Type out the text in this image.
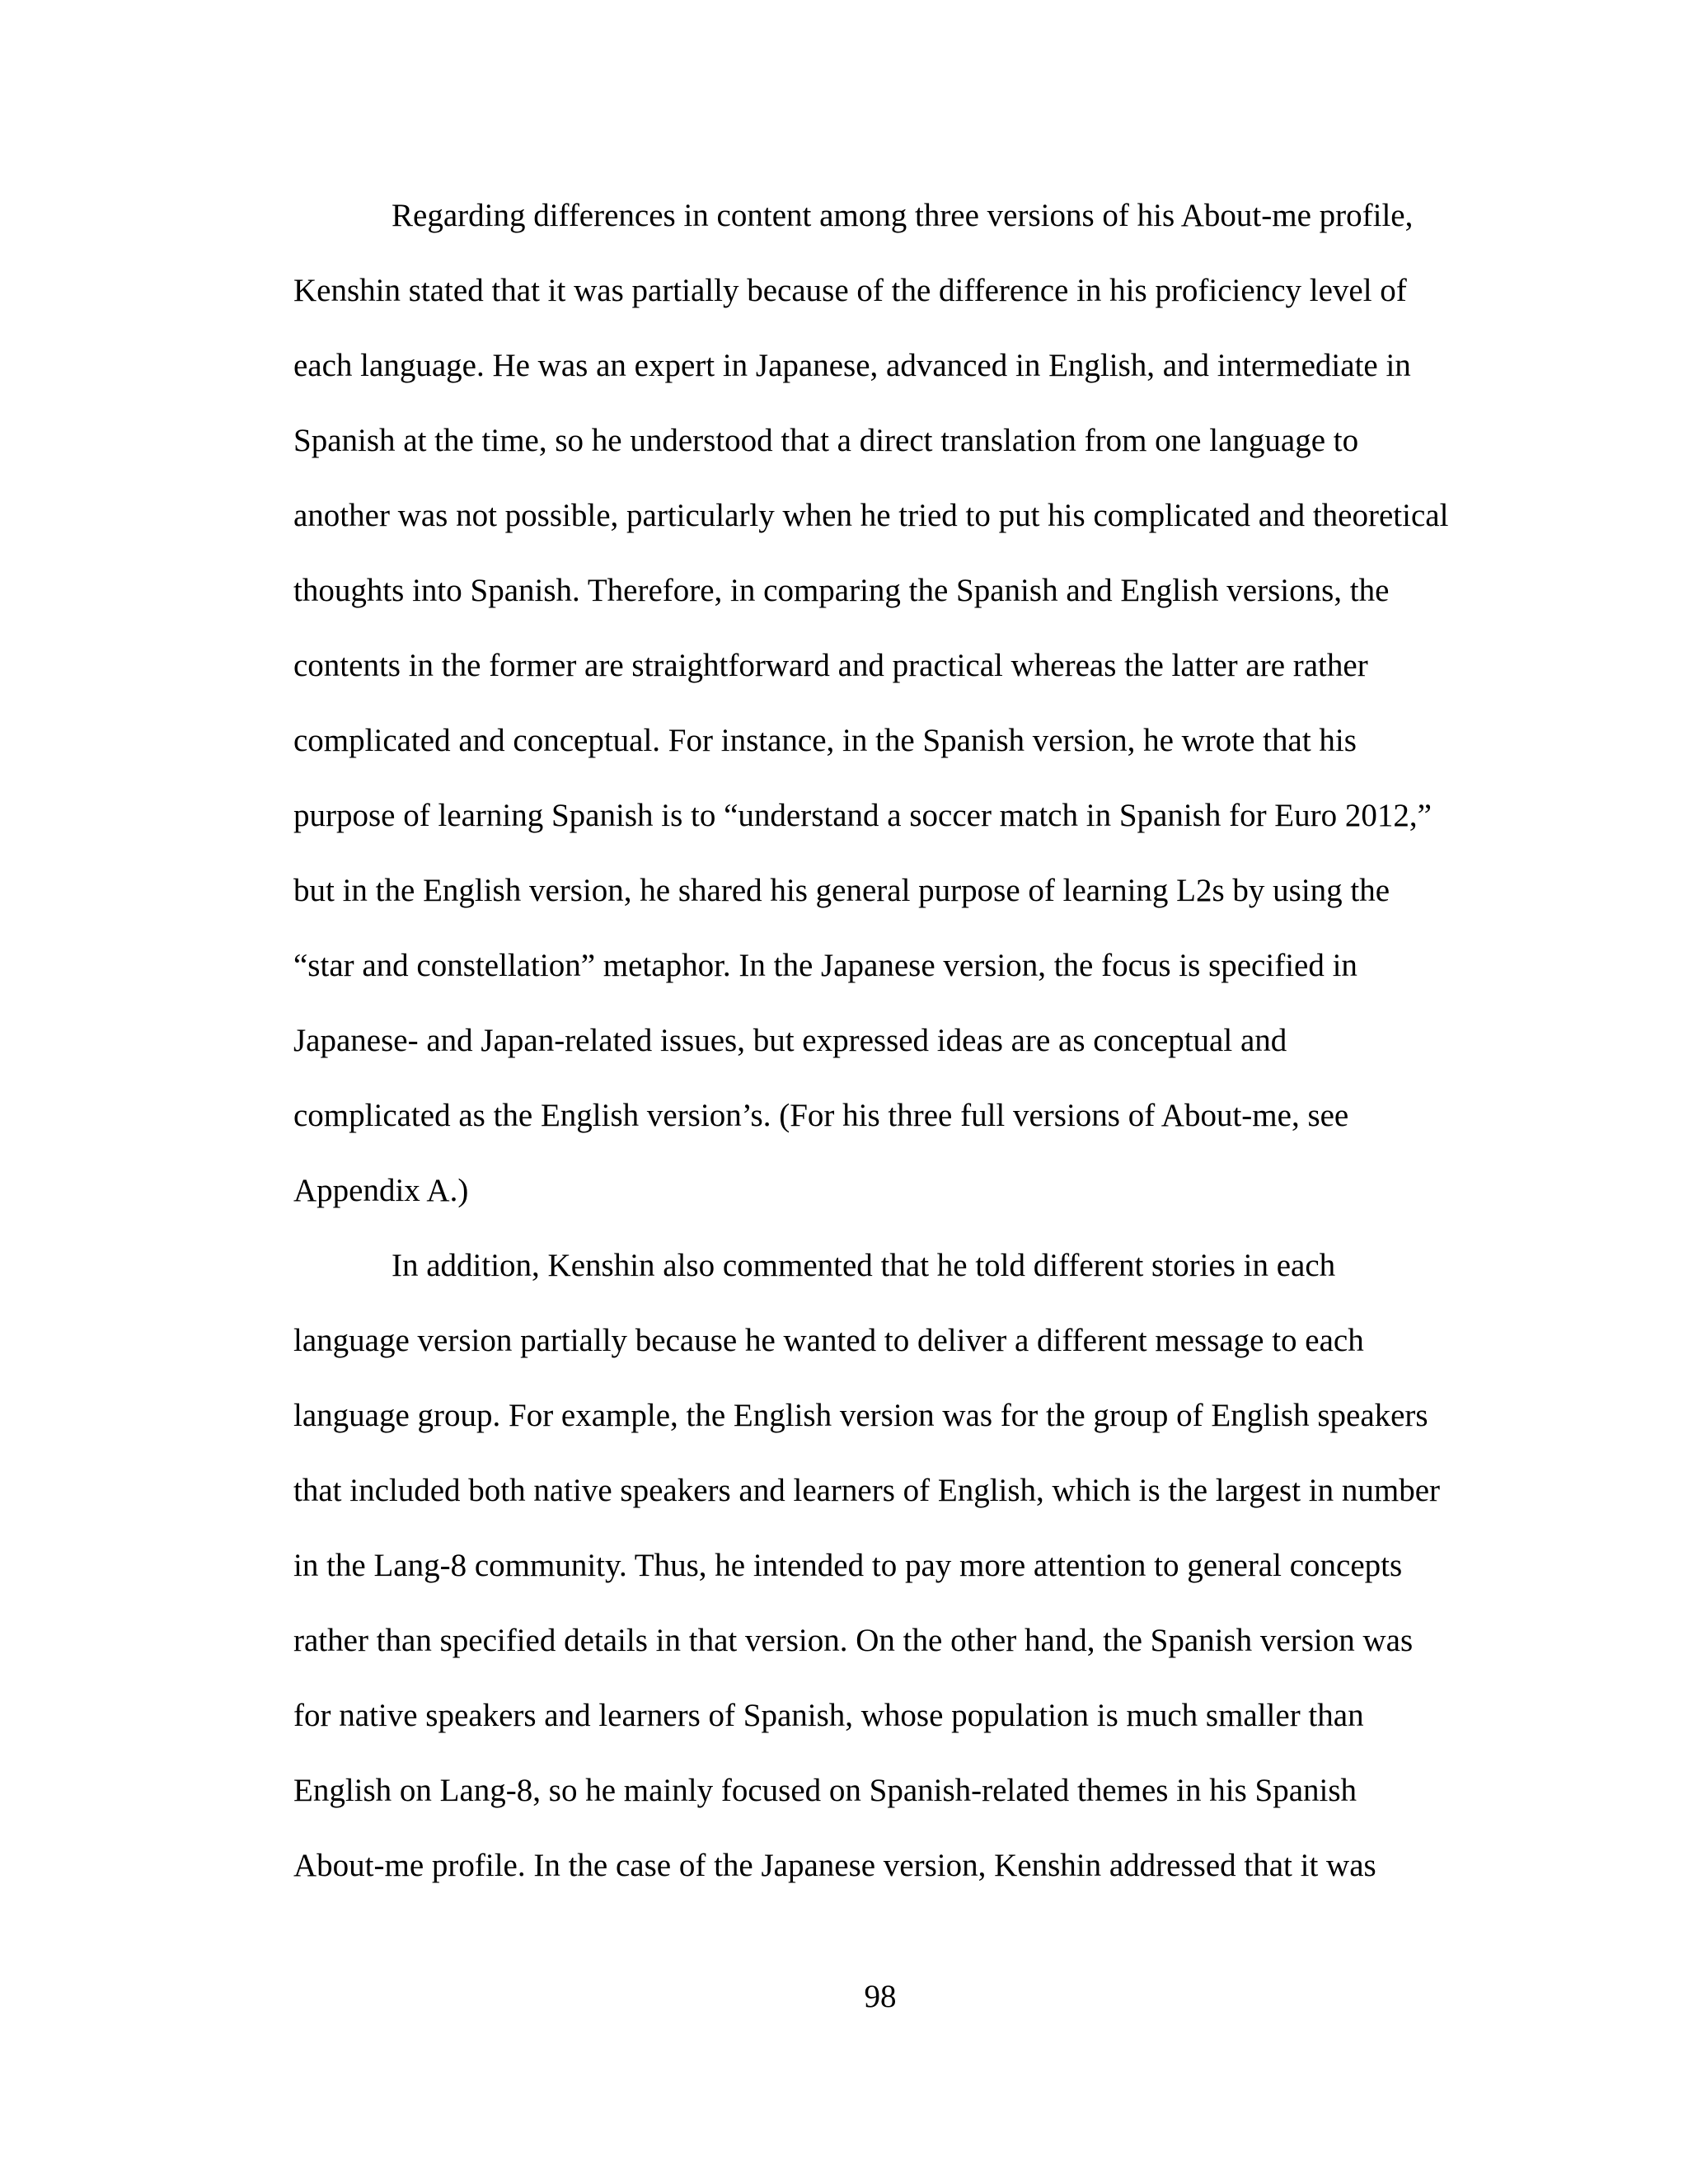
Regarding differences in content among three versions of his About-me profile,
Kenshin stated that it was partially because of the difference in his proficiency level of
each language. He was an expert in Japanese, advanced in English, and intermediate in
Spanish at the time, so he understood that a direct translation from one language to
another was not possible, particularly when he tried to put his complicated and theoretical
thoughts into Spanish. Therefore, in comparing the Spanish and English versions, the
contents in the former are straightforward and practical whereas the latter are rather
complicated and conceptual. For instance, in the Spanish version, he wrote that his
purpose of learning Spanish is to “understand a soccer match in Spanish for Euro 2012,”
but in the English version, he shared his general purpose of learning L2s by using the
“star and constellation” metaphor. In the Japanese version, the focus is specified in
Japanese- and Japan-related issues, but expressed ideas are as conceptual and
complicated as the English version’s. (For his three full versions of About-me, see
Appendix A.)
In addition, Kenshin also commented that he told different stories in each
language version partially because he wanted to deliver a different message to each
language group. For example, the English version was for the group of English speakers
that included both native speakers and learners of English, which is the largest in number
in the Lang-8 community. Thus, he intended to pay more attention to general concepts
rather than specified details in that version. On the other hand, the Spanish version was
for native speakers and learners of Spanish, whose population is much smaller than
English on Lang-8, so he mainly focused on Spanish-related themes in his Spanish
About-me profile. In the case of the Japanese version, Kenshin addressed that it was
98
